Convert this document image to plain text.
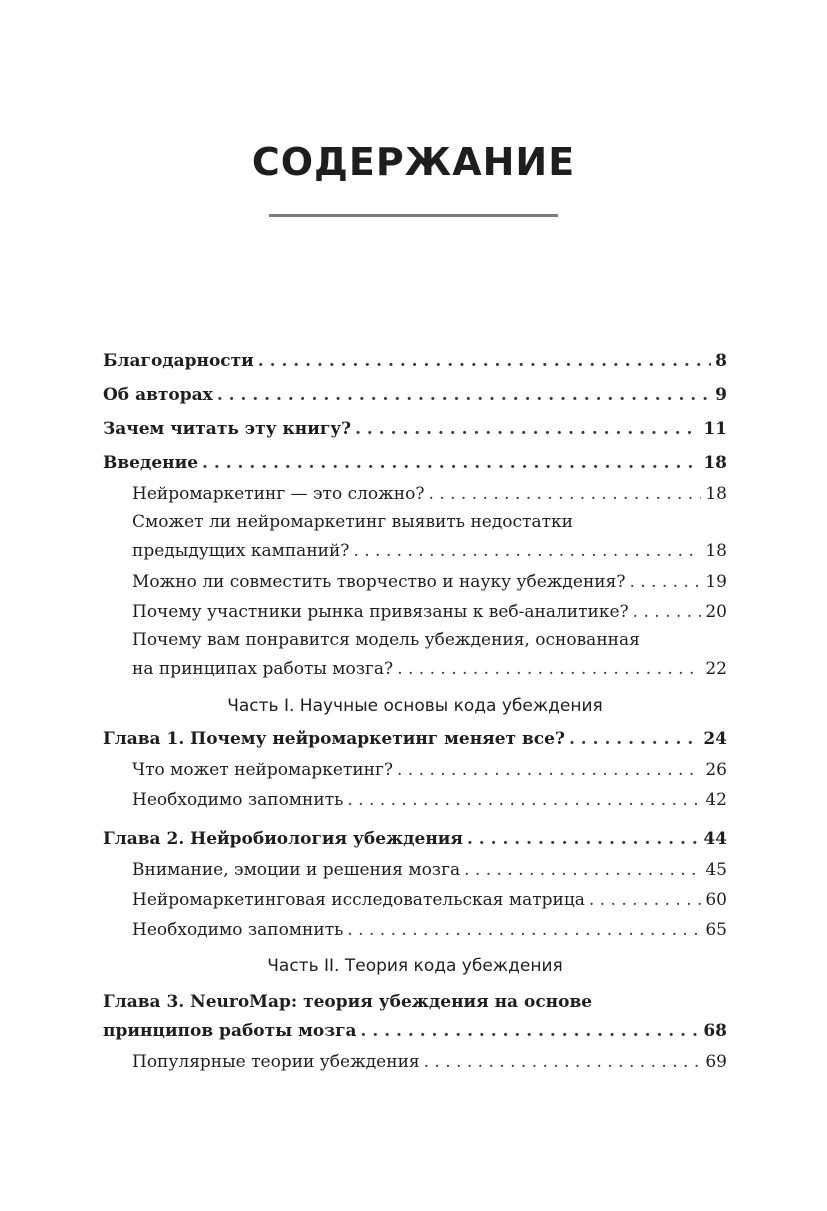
СОДЕРЖАНИЕ
Благодарности . . .	8
Об авторах . . .	9
Зачем читать эту книгу? . . .	11
Введение . . .	18
Нейромаркетинг — это сложно? . . .	18
Сможет ли нейромаркетинг выявить недостатки
предыдущих кампаний? . . .	18
Можно ли совместить творчество и науку убеждения? . . .	19
Почему участники рынка привязаны к веб-аналитике? . . .	20
Почему вам понравится модель убеждения, основанная
на принципах работы мозга? . . .	22
Часть I. Научные основы кода убеждения
Глава 1. Почему нейромаркетинг меняет все? . . .	24
Что может нейромаркетинг? . . .	26
Необходимо запомнить . . .	42
Глава 2. Нейробиология убеждения . . .	44
Внимание, эмоции и решения мозга . . .	45
Нейромаркетинговая исследовательская матрица . . .	60
Необходимо запомнить . . .	65
Часть II. Теория кода убеждения
Глава 3. NeuroMap: теория убеждения на основе
принципов работы мозга . . .	68
Популярные теории убеждения . . .	69
